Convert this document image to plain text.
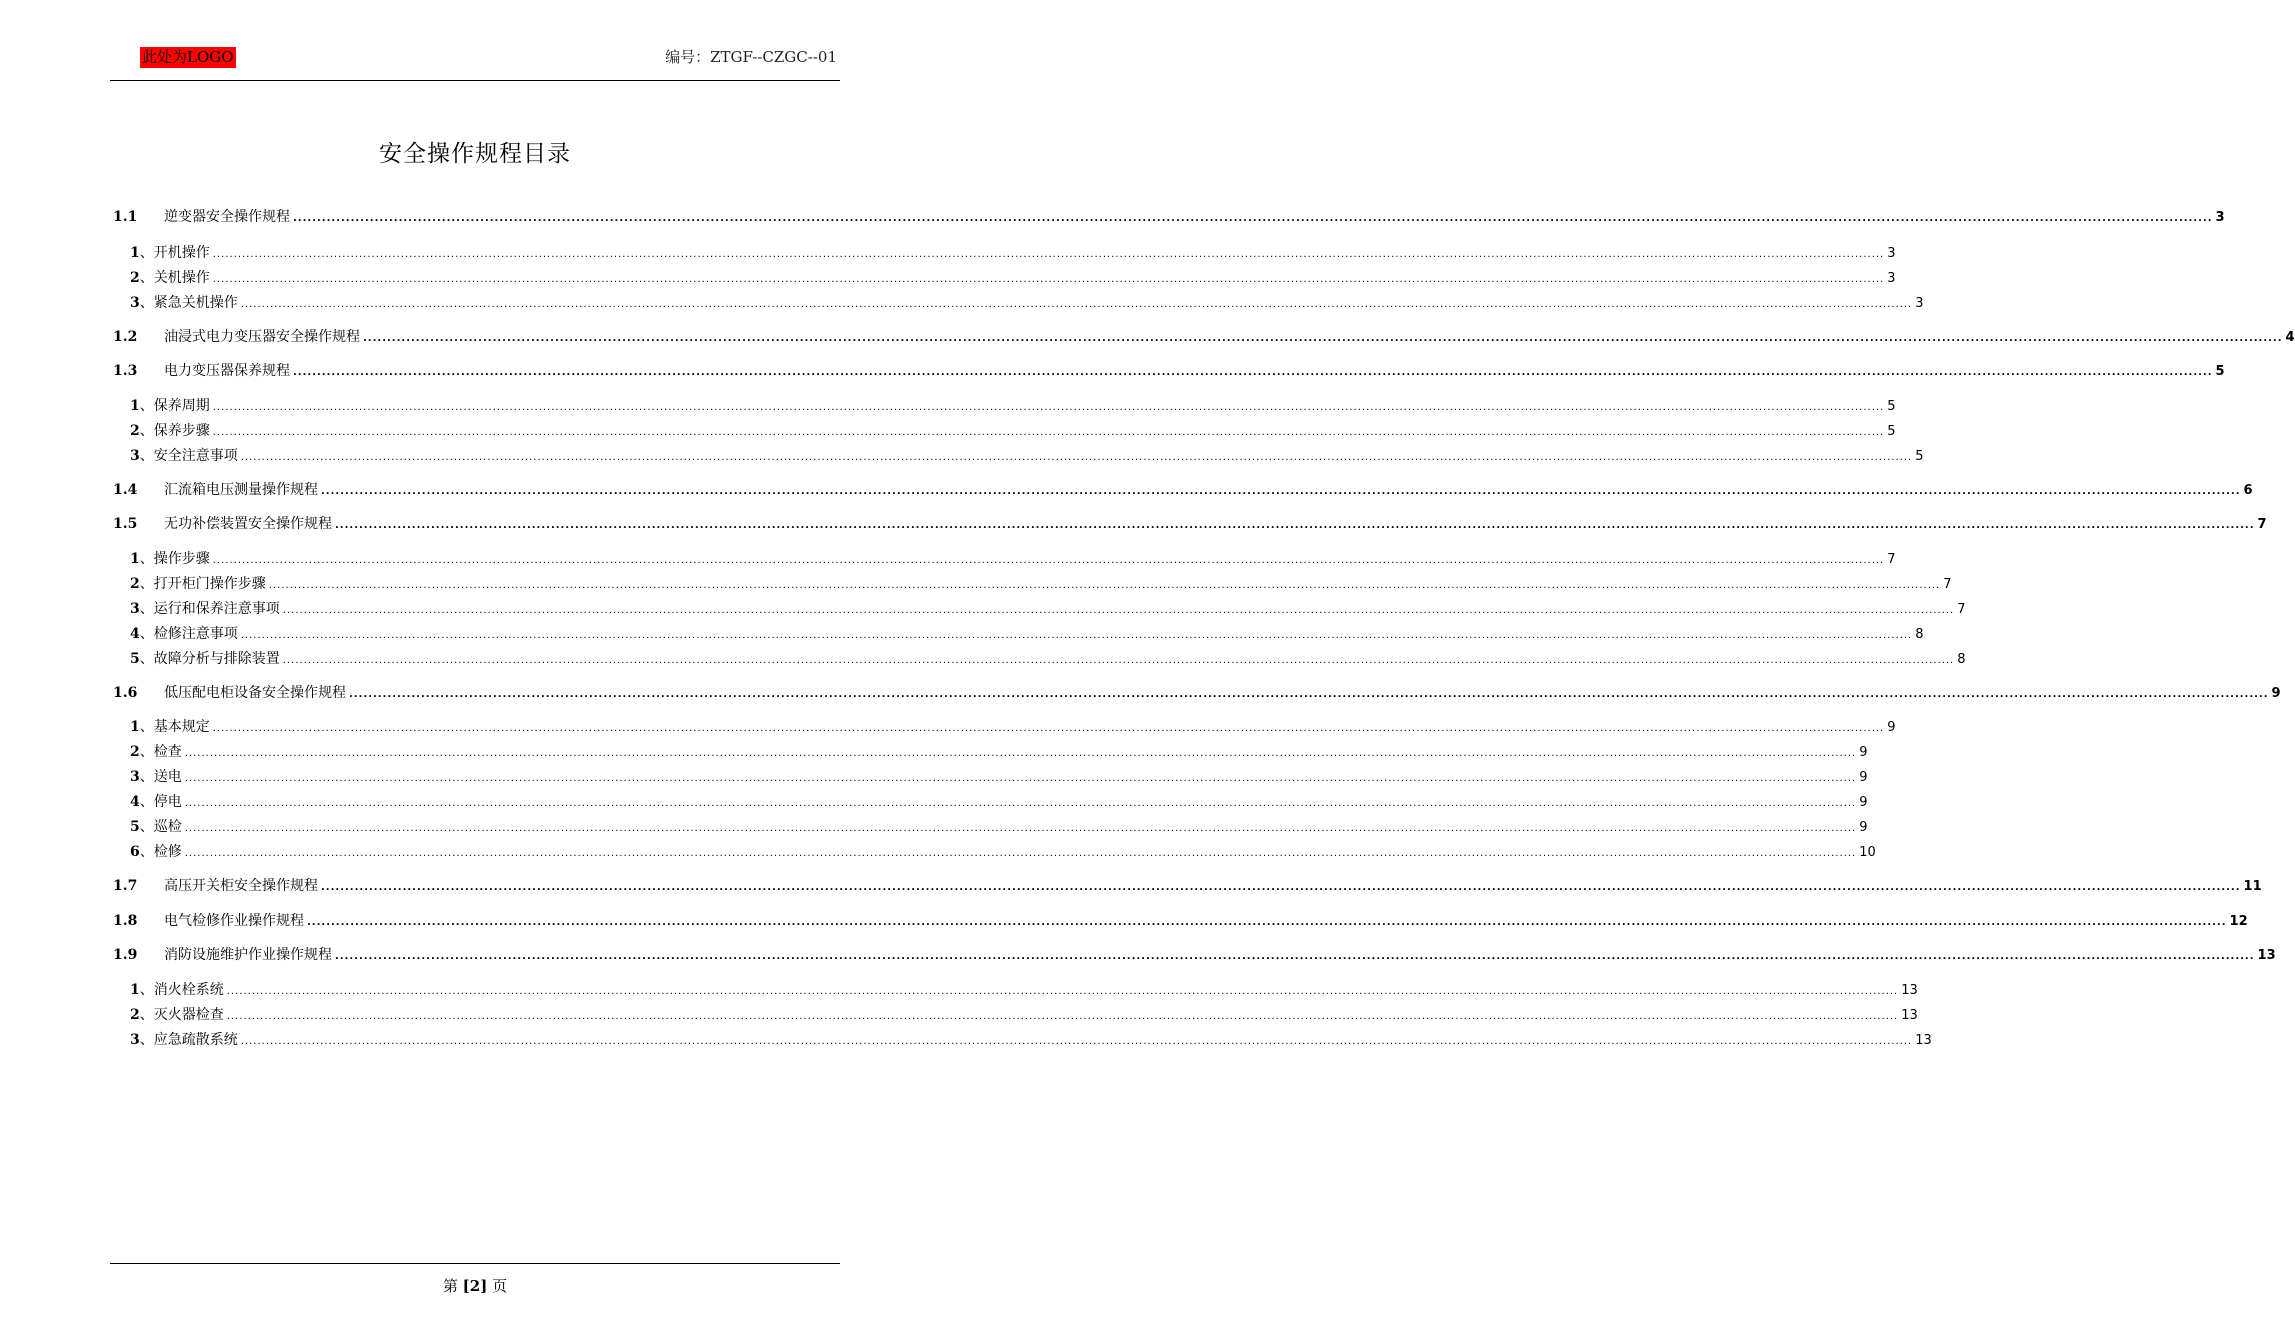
此处为LOGO	编号：ZTGF--CZGC--01
安全操作规程目录
1.1	逆变器安全操作规程 ................................................................................................................................................................................................................................................................................................................................................................................................................ 3
1 、 开机操作 ................................................................................................................................................................................................................................................................................................................................................................................................................ 3
2 、 关机操作 ................................................................................................................................................................................................................................................................................................................................................................................................................ 3
3 、 紧急关机操作 ................................................................................................................................................................................................................................................................................................................................................................................................................ 3
1.2	油浸式电力变压器安全操作规程 ................................................................................................................................................................................................................................................................................................................................................................................................................ 4
1.3	电力变压器保养规程 ................................................................................................................................................................................................................................................................................................................................................................................................................ 5
1 、 保养周期 ................................................................................................................................................................................................................................................................................................................................................................................................................ 5
2 、 保养步骤 ................................................................................................................................................................................................................................................................................................................................................................................................................ 5
3 、 安全注意事项 ................................................................................................................................................................................................................................................................................................................................................................................................................ 5
1.4	汇流箱电压测量操作规程 ................................................................................................................................................................................................................................................................................................................................................................................................................ 6
1.5	无功补偿装置安全操作规程 ................................................................................................................................................................................................................................................................................................................................................................................................................ 7
1 、 操作步骤 ................................................................................................................................................................................................................................................................................................................................................................................................................ 7
2 、 打开柜门操作步骤 ................................................................................................................................................................................................................................................................................................................................................................................................................ 7
3 、 运行和保养注意事项 ................................................................................................................................................................................................................................................................................................................................................................................................................ 7
4 、 检修注意事项 ................................................................................................................................................................................................................................................................................................................................................................................................................ 8
5 、 故障分析与排除装置 ................................................................................................................................................................................................................................................................................................................................................................................................................ 8
1.6	低压配电柜设备安全操作规程 ................................................................................................................................................................................................................................................................................................................................................................................................................ 9
1 、 基本规定 ................................................................................................................................................................................................................................................................................................................................................................................................................ 9
2 、 检查 ................................................................................................................................................................................................................................................................................................................................................................................................................ 9
3 、 送电 ................................................................................................................................................................................................................................................................................................................................................................................................................ 9
4 、 停电 ................................................................................................................................................................................................................................................................................................................................................................................................................ 9
5 、 巡检 ................................................................................................................................................................................................................................................................................................................................................................................................................ 9
6 、 检修 ................................................................................................................................................................................................................................................................................................................................................................................................................ 10
1.7	高压开关柜安全操作规程 ................................................................................................................................................................................................................................................................................................................................................................................................................ 11
1.8	电气检修作业操作规程 ................................................................................................................................................................................................................................................................................................................................................................................................................ 12
1.9	消防设施维护作业操作规程 ................................................................................................................................................................................................................................................................................................................................................................................................................ 13
1 、 消火栓系统 ................................................................................................................................................................................................................................................................................................................................................................................................................ 13
2 、 灭火器检查 ................................................................................................................................................................................................................................................................................................................................................................................................................ 13
3 、 应急疏散系统 ................................................................................................................................................................................................................................................................................................................................................................................................................ 13
第 [2] 页
